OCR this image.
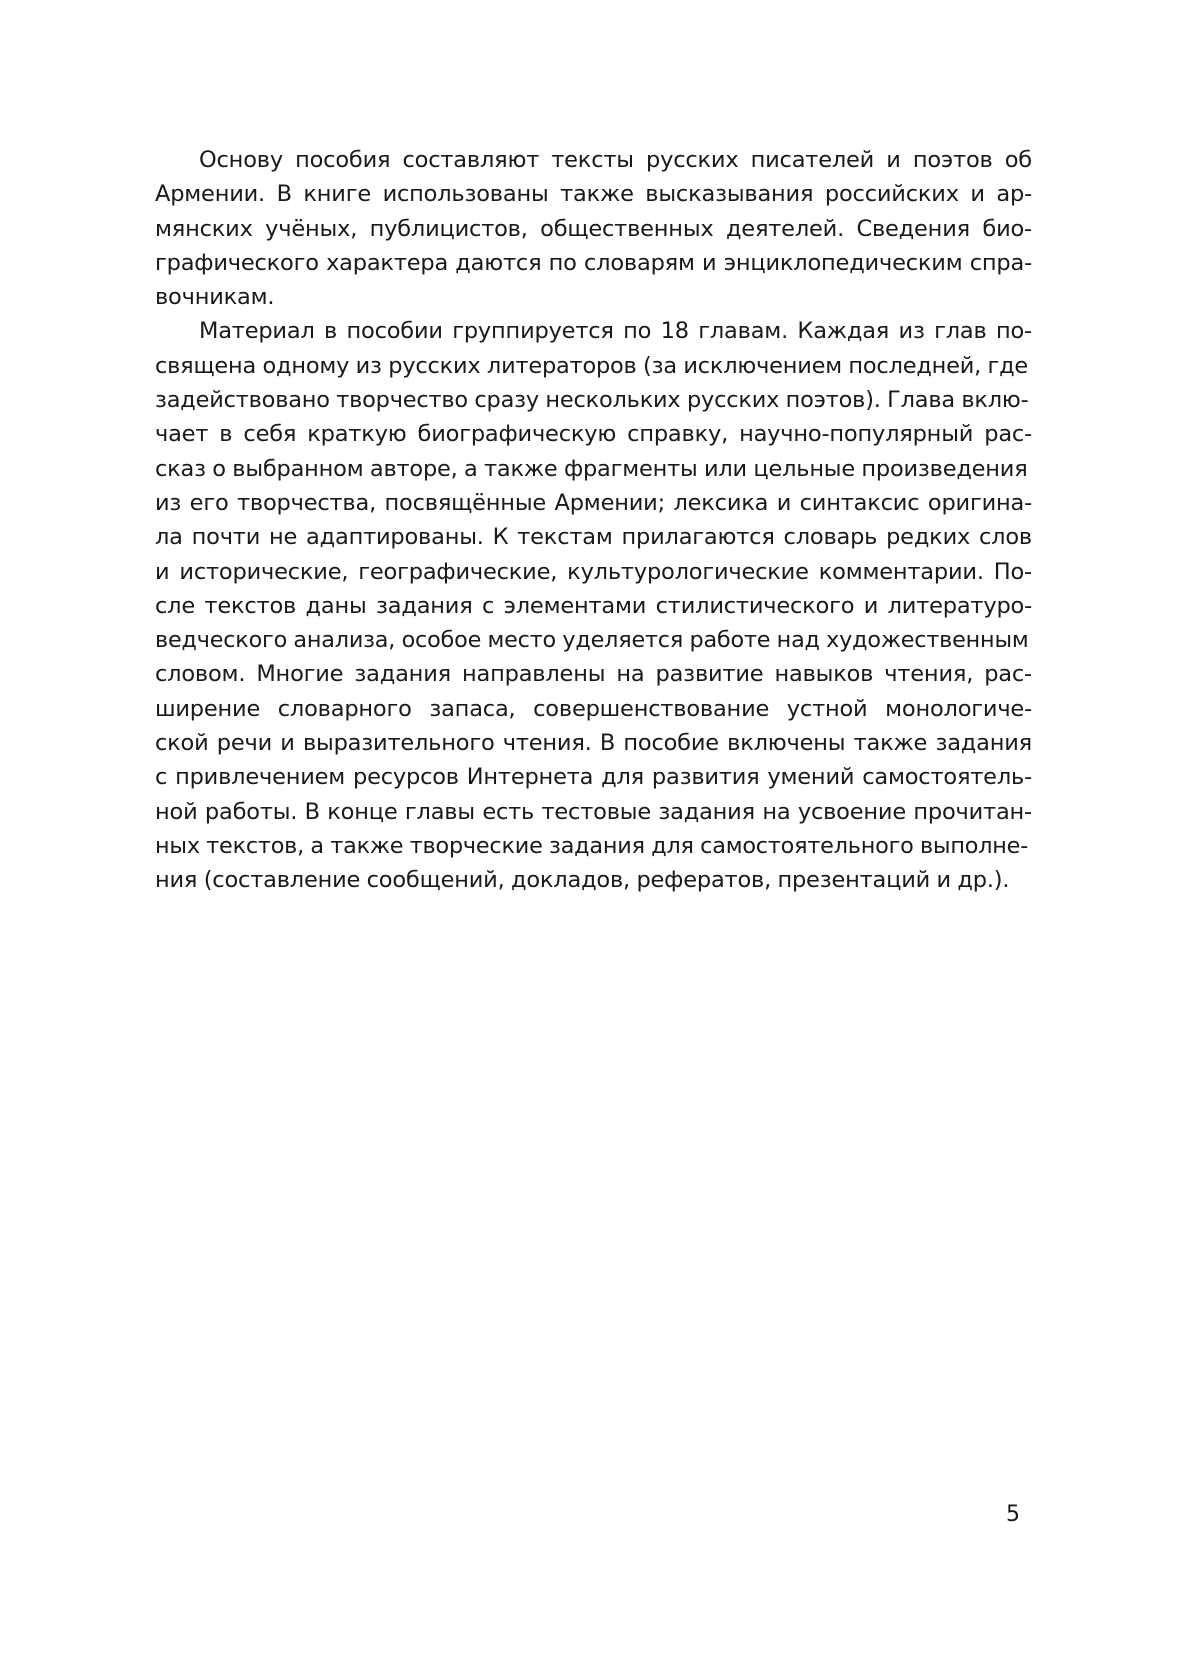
Основу пособия составляют тексты русских писателей и поэтов об
Армении. В книге использованы также высказывания российских и ар-
мянских учёных, публицистов, общественных деятелей. Сведения био-
графического характера даются по словарям и энциклопедическим спра-
вочникам.

Материал в пособии группируется по 18 главам. Каждая из глав по-
священа одному из русских литераторов (за исключением последней, где
задействовано творчество сразу нескольких русских поэтов). Глава вклю-
чает в себя краткую биографическую справку, научно-популярный рас-
сказ о выбранном авторе, а также фрагменты или цельные произведения
из его творчества, посвящённые Армении; лексика и синтаксис оригина-
ла почти не адаптированы. К текстам прилагаются словарь редких слов
и исторические, географические, культурологические комментарии. По-
сле текстов даны задания с элементами стилистического и литературо-
ведческого анализа, особое место уделяется работе над художественным
словом. Многие задания направлены на развитие навыков чтения, рас-
ширение словарного запаса, совершенствование устной монологиче-
ской речи и выразительного чтения. В пособие включены также задания
с привлечением ресурсов Интернета для развития умений самостоятель-
ной работы. В конце главы есть тестовые задания на усвоение прочитан-
ных текстов, а также творческие задания для самостоятельного выполне-
ния (составление сообщений, докладов, рефератов, презентаций и др.).

5
